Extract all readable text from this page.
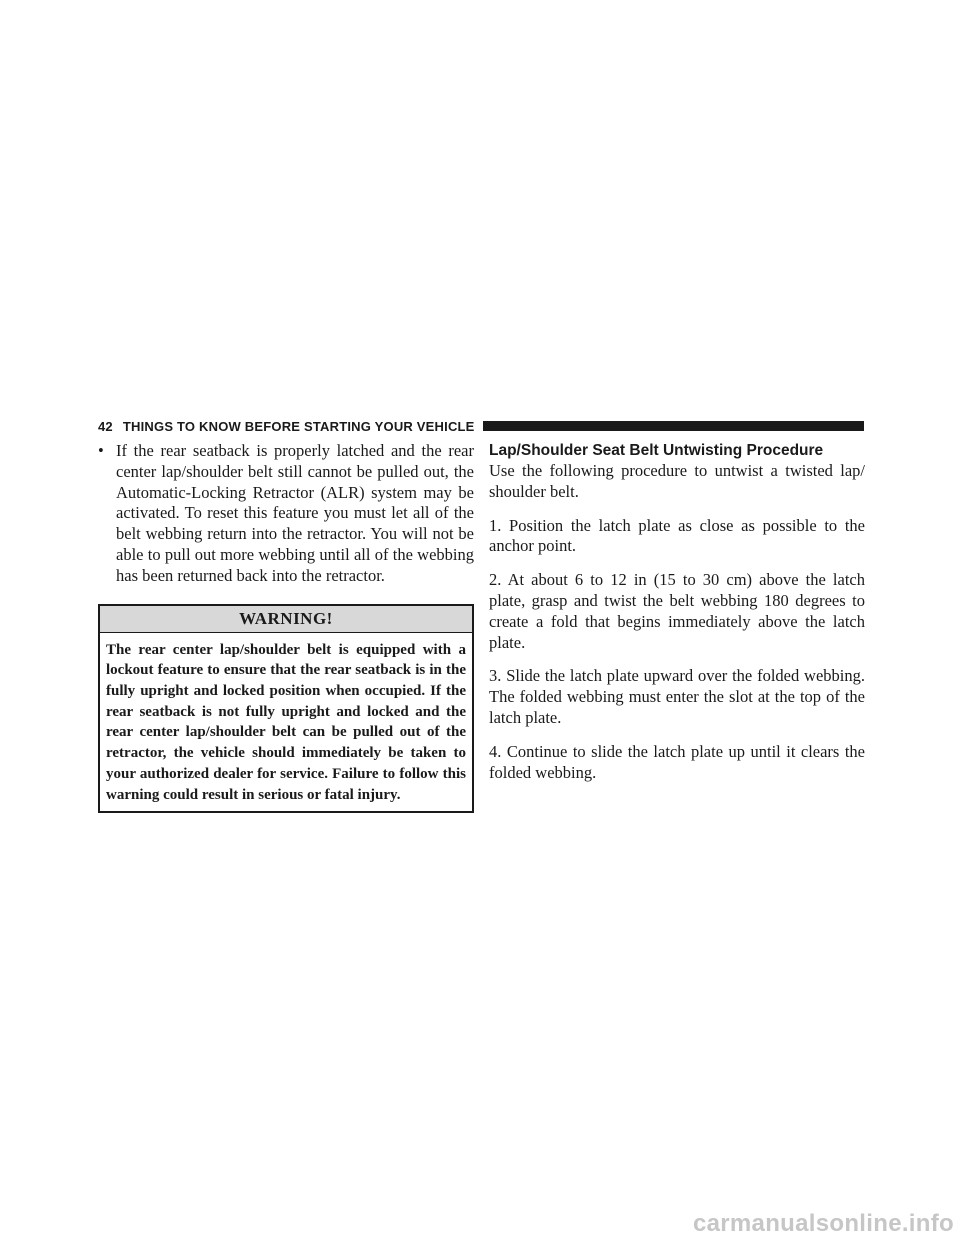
42 THINGS TO KNOW BEFORE STARTING YOUR VEHICLE
• If the rear seatback is properly latched and the rear center lap/shoulder belt still cannot be pulled out, the Automatic-Locking Retractor (ALR) system may be activated. To reset this feature you must let all of the belt webbing return into the retractor. You will not be able to pull out more webbing until all of the webbing has been returned back into the retractor.

WARNING!

The rear center lap/shoulder belt is equipped with a lockout feature to ensure that the rear seatback is in the fully upright and locked position when occupied. If the rear seatback is not fully upright and locked and the rear center lap/shoulder belt can be pulled out of the retractor, the vehicle should immediately be taken to your authorized dealer for service. Failure to follow this warning could result in serious or fatal injury.

Lap/Shoulder Seat Belt Untwisting Procedure

Use the following procedure to untwist a twisted lap/ shoulder belt.

1. Position the latch plate as close as possible to the anchor point.

2. At about 6 to 12 in (15 to 30 cm) above the latch plate, grasp and twist the belt webbing 180 degrees to create a fold that begins immediately above the latch plate.

3. Slide the latch plate upward over the folded webbing. The folded webbing must enter the slot at the top of the latch plate.

4. Continue to slide the latch plate up until it clears the folded webbing.

carmanualsonline.info
